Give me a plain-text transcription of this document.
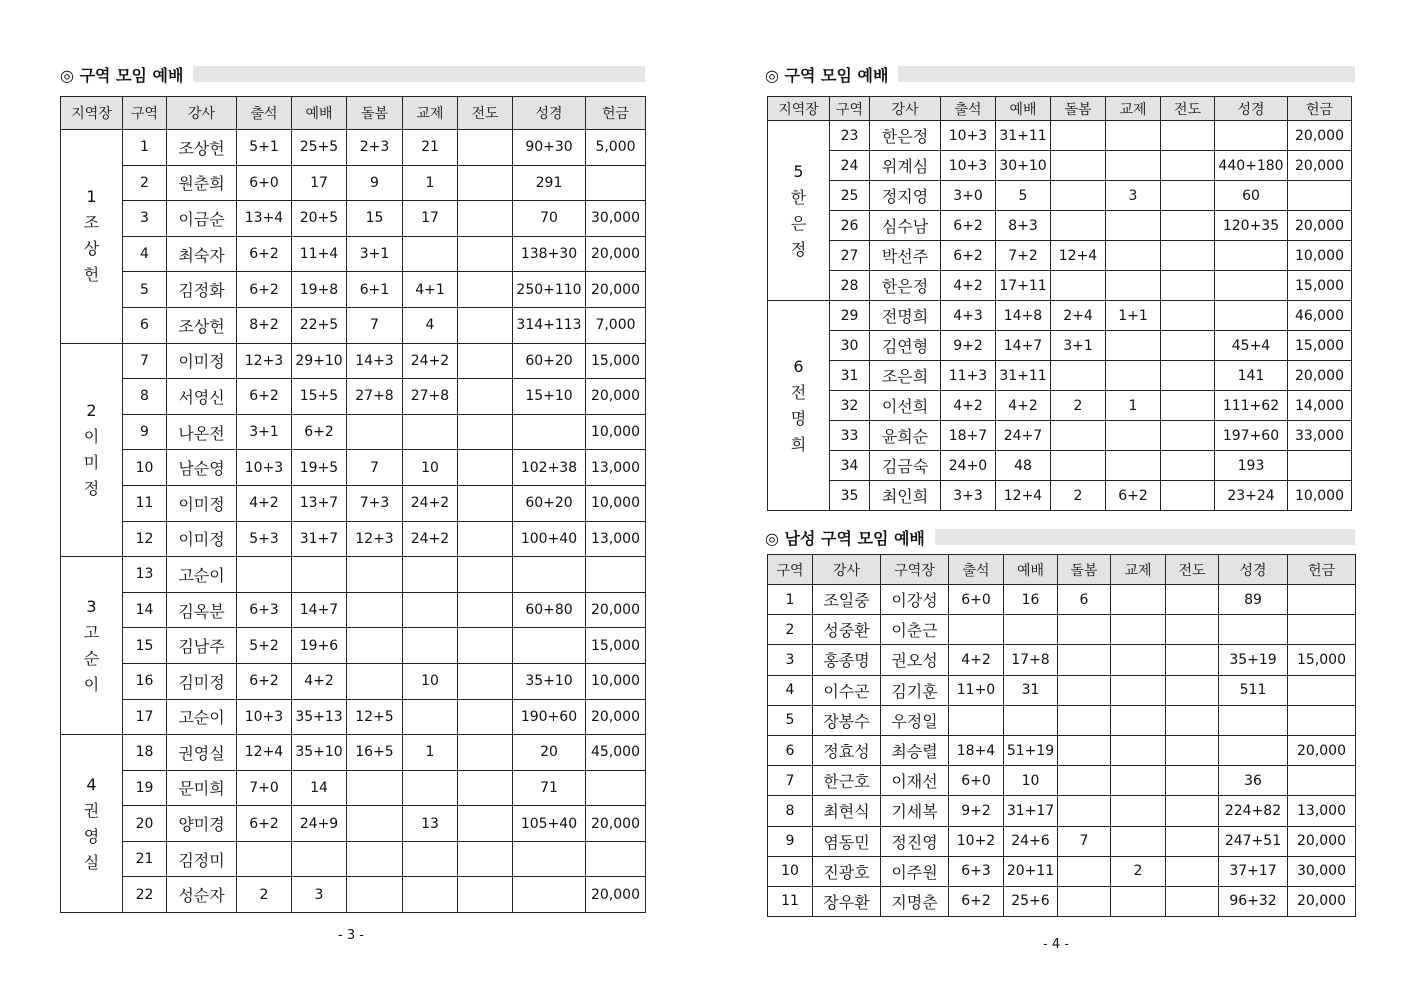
◎ 구역 모임 예배
지역장	구역	강사	출석	예배	돌봄	교제	전도	성경	헌금
1
조
상
헌	1	조상헌	5+1	25+5	2+3	21		90+30	5,000
	2	원춘희	6+0	17	9	1		291	
	3	이금순	13+4	20+5	15	17		70	30,000
	4	최숙자	6+2	11+4	3+1			138+30	20,000
	5	김정화	6+2	19+8	6+1	4+1		250+110	20,000
	6	조상헌	8+2	22+5	7	4		314+113	7,000
2
이
미
정	7	이미정	12+3	29+10	14+3	24+2		60+20	15,000
	8	서영신	6+2	15+5	27+8	27+8		15+10	20,000
	9	나온전	3+1	6+2					10,000
	10	남순영	10+3	19+5	7	10		102+38	13,000
	11	이미정	4+2	13+7	7+3	24+2		60+20	10,000
	12	이미정	5+3	31+7	12+3	24+2		100+40	13,000
3
고
순
이	13	고순이							
	14	김옥분	6+3	14+7				60+80	20,000
	15	김남주	5+2	19+6					15,000
	16	김미정	6+2	4+2		10		35+10	10,000
	17	고순이	10+3	35+13	12+5			190+60	20,000
4
권
영
실	18	권영실	12+4	35+10	16+5	1		20	45,000
	19	문미희	7+0	14				71	
	20	양미경	6+2	24+9		13		105+40	20,000
	21	김정미							
	22	성순자	2	3					20,000
- 3 -
◎ 구역 모임 예배
지역장	구역	강사	출석	예배	돌봄	교제	전도	성경	헌금
5
한
은
정	23	한은정	10+3	31+11					20,000
	24	위계심	10+3	30+10				440+180	20,000
	25	정지영	3+0	5		3		60	
	26	심수남	6+2	8+3				120+35	20,000
	27	박선주	6+2	7+2	12+4				10,000
	28	한은정	4+2	17+11					15,000
6
전
명
희	29	전명희	4+3	14+8	2+4	1+1			46,000
	30	김연형	9+2	14+7	3+1			45+4	15,000
	31	조은희	11+3	31+11				141	20,000
	32	이선희	4+2	4+2	2	1		111+62	14,000
	33	윤희순	18+7	24+7				197+60	33,000
	34	김금숙	24+0	48				193	
	35	최인희	3+3	12+4	2	6+2		23+24	10,000
◎ 남성 구역 모임 예배
구역	강사	구역장	출석	예배	돌봄	교제	전도	성경	헌금
1	조일중	이강성	6+0	16	6			89	
2	성중환	이춘근							
3	홍종명	권오성	4+2	17+8				35+19	15,000
4	이수곤	김기훈	11+0	31				511	
5	장봉수	우정일							
6	정효성	최승렬	18+4	51+19					20,000
7	한근호	이재선	6+0	10				36	
8	최현식	기세복	9+2	31+17				224+82	13,000
9	염동민	정진영	10+2	24+6	7			247+51	20,000
10	진광호	이주원	6+3	20+11		2		37+17	30,000
11	장우환	지명춘	6+2	25+6				96+32	20,000
- 4 -
